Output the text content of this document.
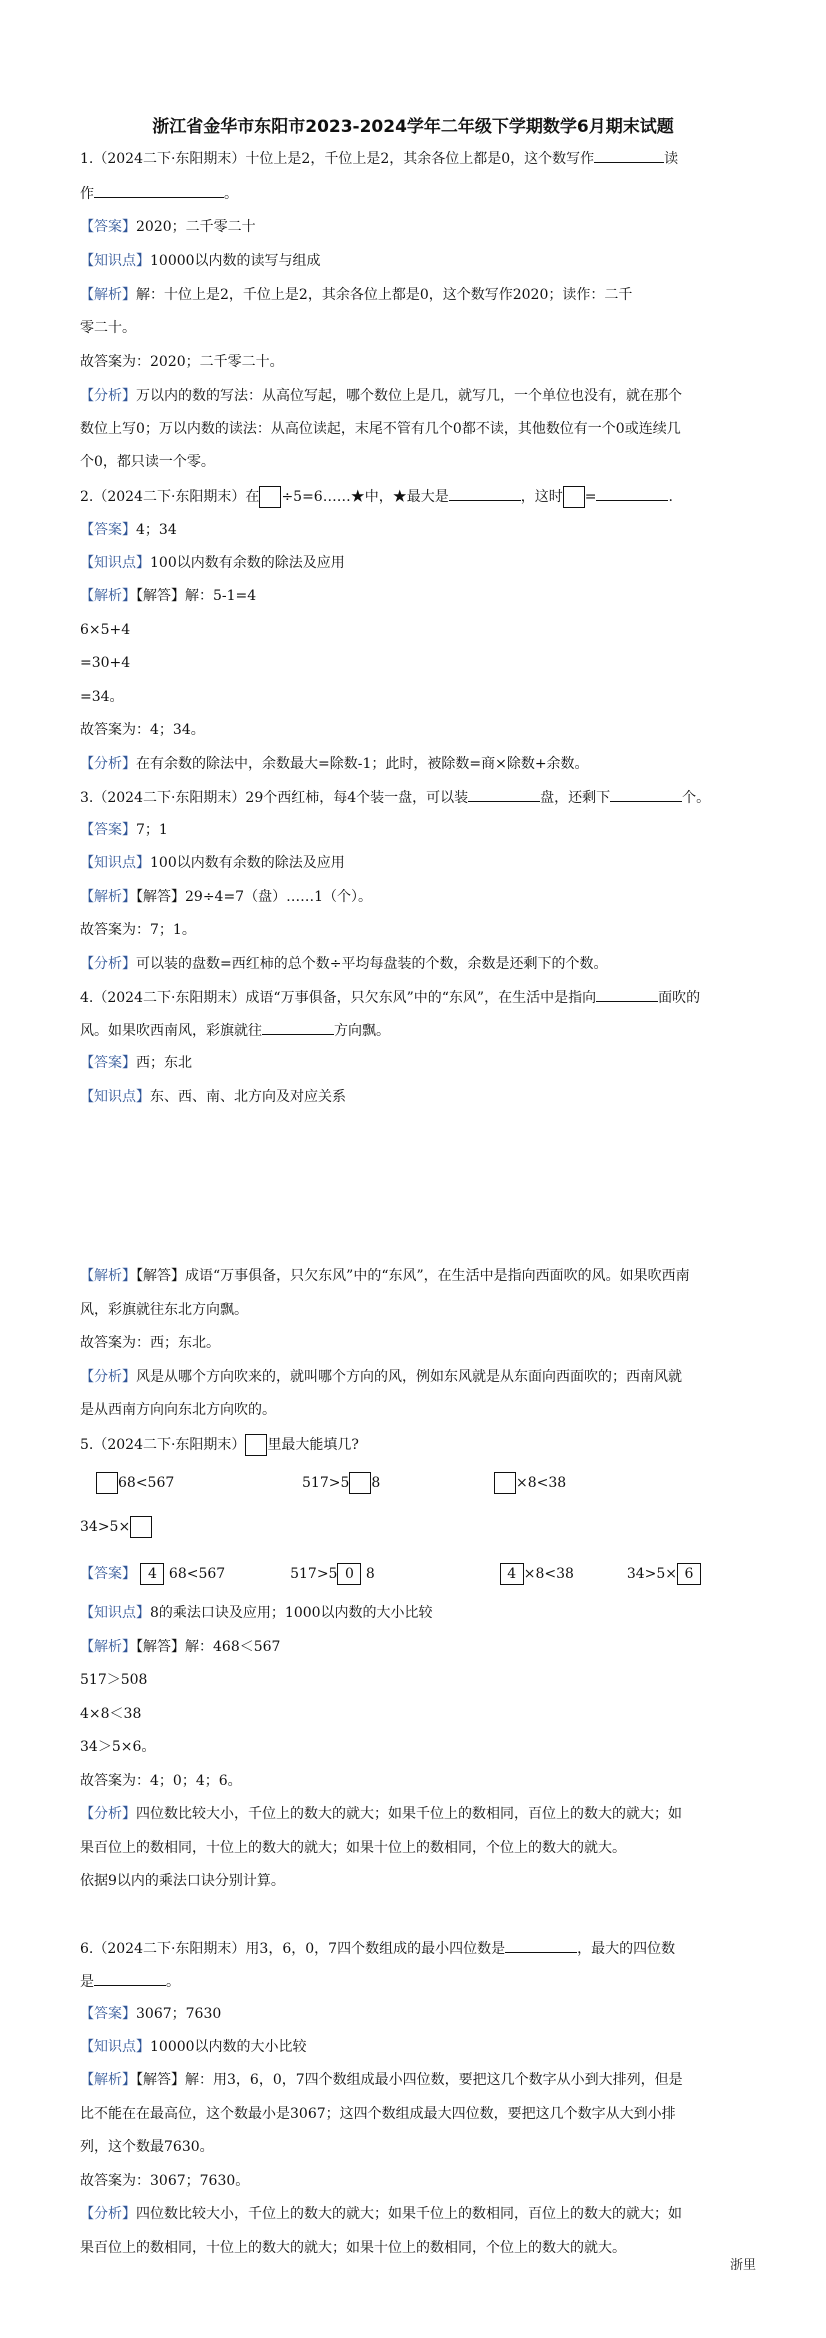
浙江省金华市东阳市2023-2024学年二年级下学期数学6月期末试题
1.（2024二下·东阳期末）十位上是2，千位上是2，其余各位上都是0，这个数写作	读
作	。
【答案】2020；二千零二十
【知识点】10000以内数的读写与组成
【解析】解：十位上是2，千位上是2，其余各位上都是0，这个数写作2020；读作：二千
零二十。
故答案为：2020；二千零二十。
【分析】万以内的数的写法：从高位写起，哪个数位上是几，就写几，一个单位也没有，就在那个
数位上写0；万以内数的读法：从高位读起，末尾不管有几个0都不读，其他数位有一个0或连续几
个0，都只读一个零。
2.（2024二下·东阳期末）在 ÷5=6……★中，★最大是	，这时 =	.
【答案】4；34
【知识点】100以内数有余数的除法及应用
【解析】【解答】解：5-1=4
6×5+4
=30+4
=34。
故答案为：4；34。
【分析】在有余数的除法中，余数最大=除数-1；此时，被除数=商×除数+余数。
3.（2024二下·东阳期末）29个西红柿，每4个装一盘，可以装	盘，还剩下	个。
【答案】7；1
【知识点】100以内数有余数的除法及应用
【解析】【解答】29÷4=7（盘）……1（个）。
故答案为：7；1。
【分析】可以装的盘数=西红柿的总个数÷平均每盘装的个数，余数是还剩下的个数。
4.（2024二下·东阳期末）成语“万事俱备，只欠东风”中的“东风”，在生活中是指向	面吹的
风。如果吹西南风，彩旗就往	方向飘。
【答案】西；东北
【知识点】东、西、南、北方向及对应关系
【解析】【解答】成语“万事俱备，只欠东风”中的“东风”，在生活中是指向西面吹的风。如果吹西南
风，彩旗就往东北方向飘。
故答案为：西；东北。
【分析】风是从哪个方向吹来的，就叫哪个方向的风，例如东风就是从东面向西面吹的；西南风就
是从西南方向向东北方向吹的。
5.（2024二下·东阳期末） 里最大能填几?
68<567	517>5 8	×8<38
34>5×
【答案】 4 68<567	517>5 0 8	4 ×8<38	34>5× 6
【知识点】8的乘法口诀及应用；1000以内数的大小比较
【解析】【解答】解：468＜567
517＞508
4×8＜38
34＞5×6。
故答案为：4；0；4；6。
【分析】四位数比较大小，千位上的数大的就大；如果千位上的数相同，百位上的数大的就大；如
果百位上的数相同，十位上的数大的就大；如果十位上的数相同，个位上的数大的就大。
依据9以内的乘法口诀分别计算。
6.（2024二下·东阳期末）用3，6，0，7四个数组成的最小四位数是	，最大的四位数
是	。
【答案】3067；7630
【知识点】10000以内数的大小比较
【解析】【解答】解：用3，6，0，7四个数组成最小四位数，要把这几个数字从小到大排列，但是
比不能在在最高位，这个数最小是3067；这四个数组成最大四位数，要把这几个数字从大到小排
列，这个数最7630。
故答案为：3067；7630。
【分析】四位数比较大小，千位上的数大的就大；如果千位上的数相同，百位上的数大的就大；如
果百位上的数相同，十位上的数大的就大；如果十位上的数相同，个位上的数大的就大。
浙里
